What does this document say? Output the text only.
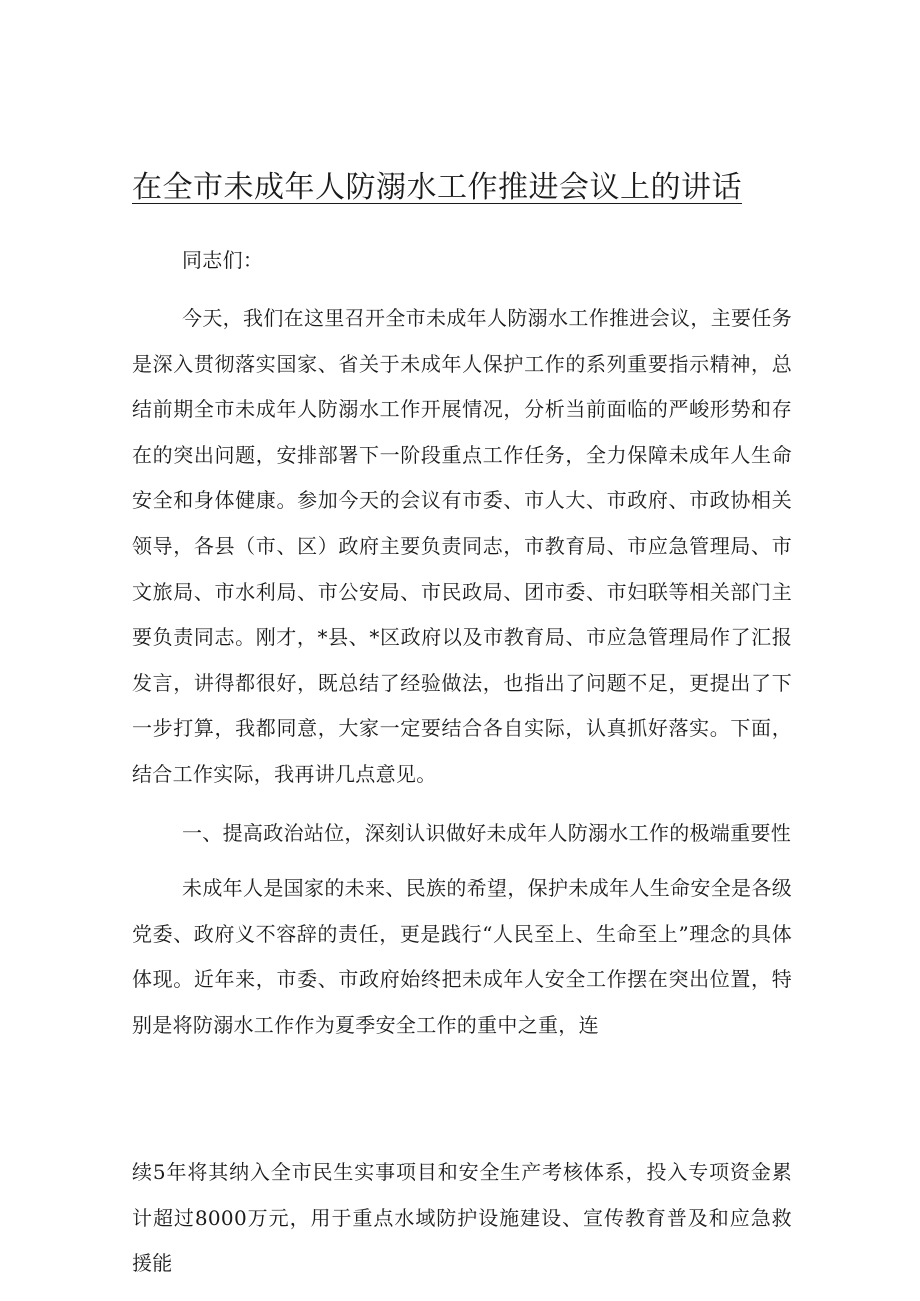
在全市未成年人防溺水工作推进会议上的讲话

同志们：

今天，我们在这里召开全市未成年人防溺水工作推进会议，主要任务是深入贯彻落实国家、省关于未成年人保护工作的系列重要指示精神，总结前期全市未成年人防溺水工作开展情况，分析当前面临的严峻形势和存在的突出问题，安排部署下一阶段重点工作任务，全力保障未成年人生命安全和身体健康。参加今天的会议有市委、市人大、市政府、市政协相关领导，各县（市、区）政府主要负责同志，市教育局、市应急管理局、市文旅局、市水利局、市公安局、市民政局、团市委、市妇联等相关部门主要负责同志。刚才，*县、*区政府以及市教育局、市应急管理局作了汇报发言，讲得都很好，既总结了经验做法，也指出了问题不足，更提出了下一步打算，我都同意，大家一定要结合各自实际，认真抓好落实。下面，结合工作实际，我再讲几点意见。

一、提高政治站位，深刻认识做好未成年人防溺水工作的极端重要性

未成年人是国家的未来、民族的希望，保护未成年人生命安全是各级党委、政府义不容辞的责任，更是践行“人民至上、生命至上”理念的具体体现。近年来，市委、市政府始终把未成年人安全工作摆在突出位置，特别是将防溺水工作作为夏季安全工作的重中之重，连

续5年将其纳入全市民生实事项目和安全生产考核体系，投入专项资金累计超过8000万元，用于重点水域防护设施建设、宣传教育普及和应急救援能
